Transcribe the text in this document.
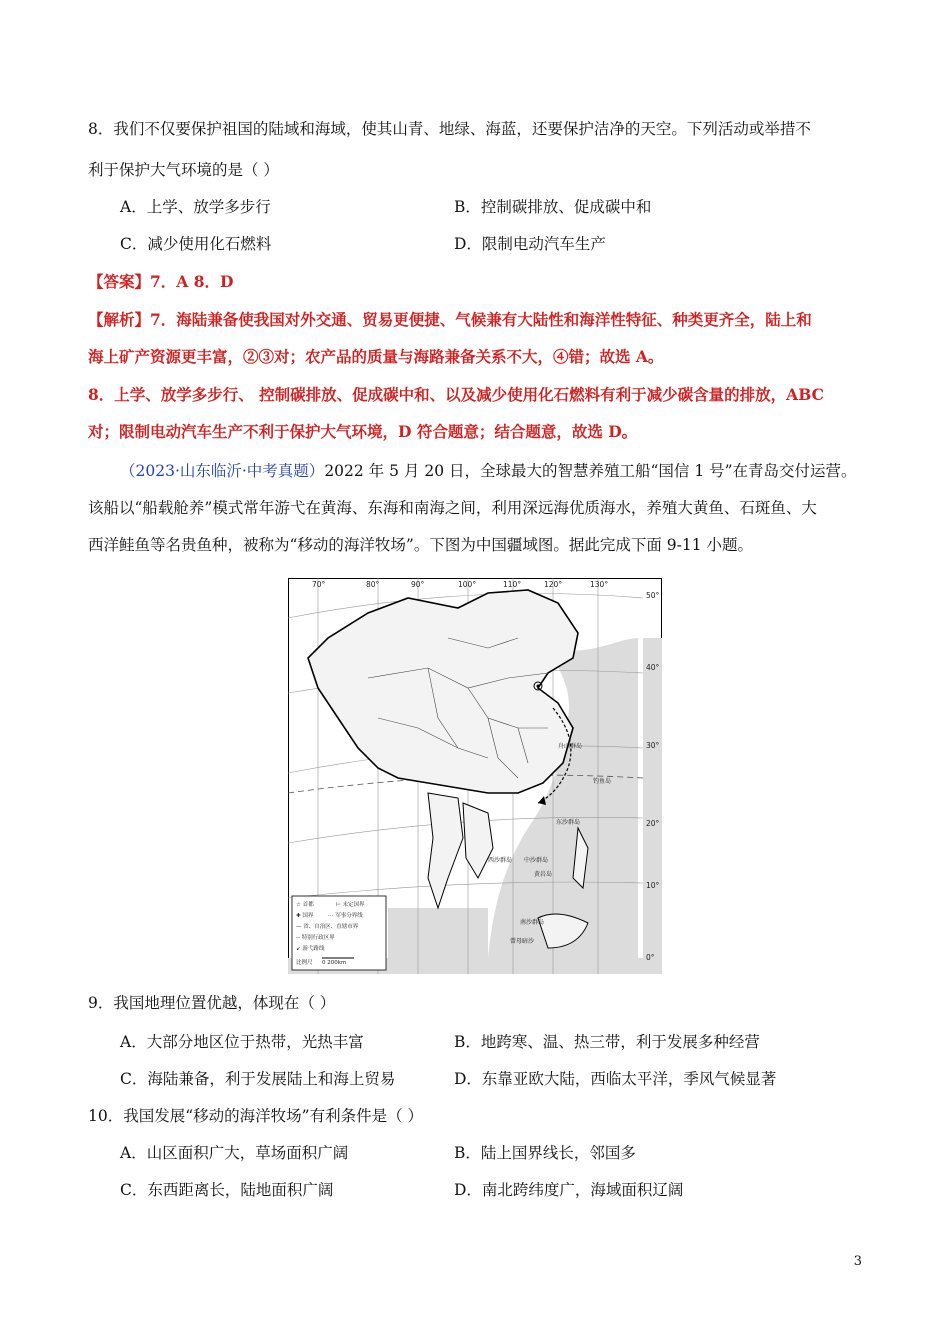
8．我们不仅要保护祖国的陆域和海域，使其山青、地绿、海蓝，还要保护洁净的天空。下列活动或举措不
利于保护大气环境的是（ ）
A．上学、放学多步行	B．控制碳排放、促成碳中和
C．减少使用化石燃料	D．限制电动汽车生产
【答案】7．A 8．D
【解析】7．海陆兼备使我国对外交通、贸易更便捷、气候兼有大陆性和海洋性特征、种类更齐全，陆上和
海上矿产资源更丰富，②③对；农产品的质量与海路兼备关系不大，④错；故选 A。
8．上学、放学多步行、 控制碳排放、促成碳中和、以及减少使用化石燃料有利于减少碳含量的排放，ABC
对；限制电动汽车生产不利于保护大气环境，D 符合题意；结合题意，故选 D。
（2023·山东临沂·中考真题）2022 年 5 月 20 日，全球最大的智慧养殖工船“国信 1 号”在青岛交付运营。
该船以“船载舱养”模式常年游弋在黄海、东海和南海之间，利用深远海优质海水，养殖大黄鱼、石斑鱼、大
西洋鲑鱼等名贵鱼种，被称为“移动的海洋牧场”。下图为中国疆域图。据此完成下面 9-11 小题。
70°	80°	90°	100°	110°	120°	130°
50°
40°
30°
20°
10°
0°
舟山群岛
东沙群岛
西沙群岛 中沙群岛
南沙群岛
黄岩岛
钓鱼岛
曾母暗沙
☆ 首都	⊢ 未定国界
✚ 国界	⋯ 军事分界线
— 省、自治区、直辖市界
-- 特别行政区界
↙ 游弋路线
比例尺 0 200km
9．我国地理位置优越，体现在（ ）
A．大部分地区位于热带，光热丰富	B．地跨寒、温、热三带，利于发展多种经营
C．海陆兼备，利于发展陆上和海上贸易	D．东靠亚欧大陆，西临太平洋，季风气候显著
10．我国发展“移动的海洋牧场”有利条件是（ ）
A．山区面积广大，草场面积广阔	B．陆上国界线长，邻国多
C．东西距离长，陆地面积广阔	D．南北跨纬度广，海域面积辽阔
3
